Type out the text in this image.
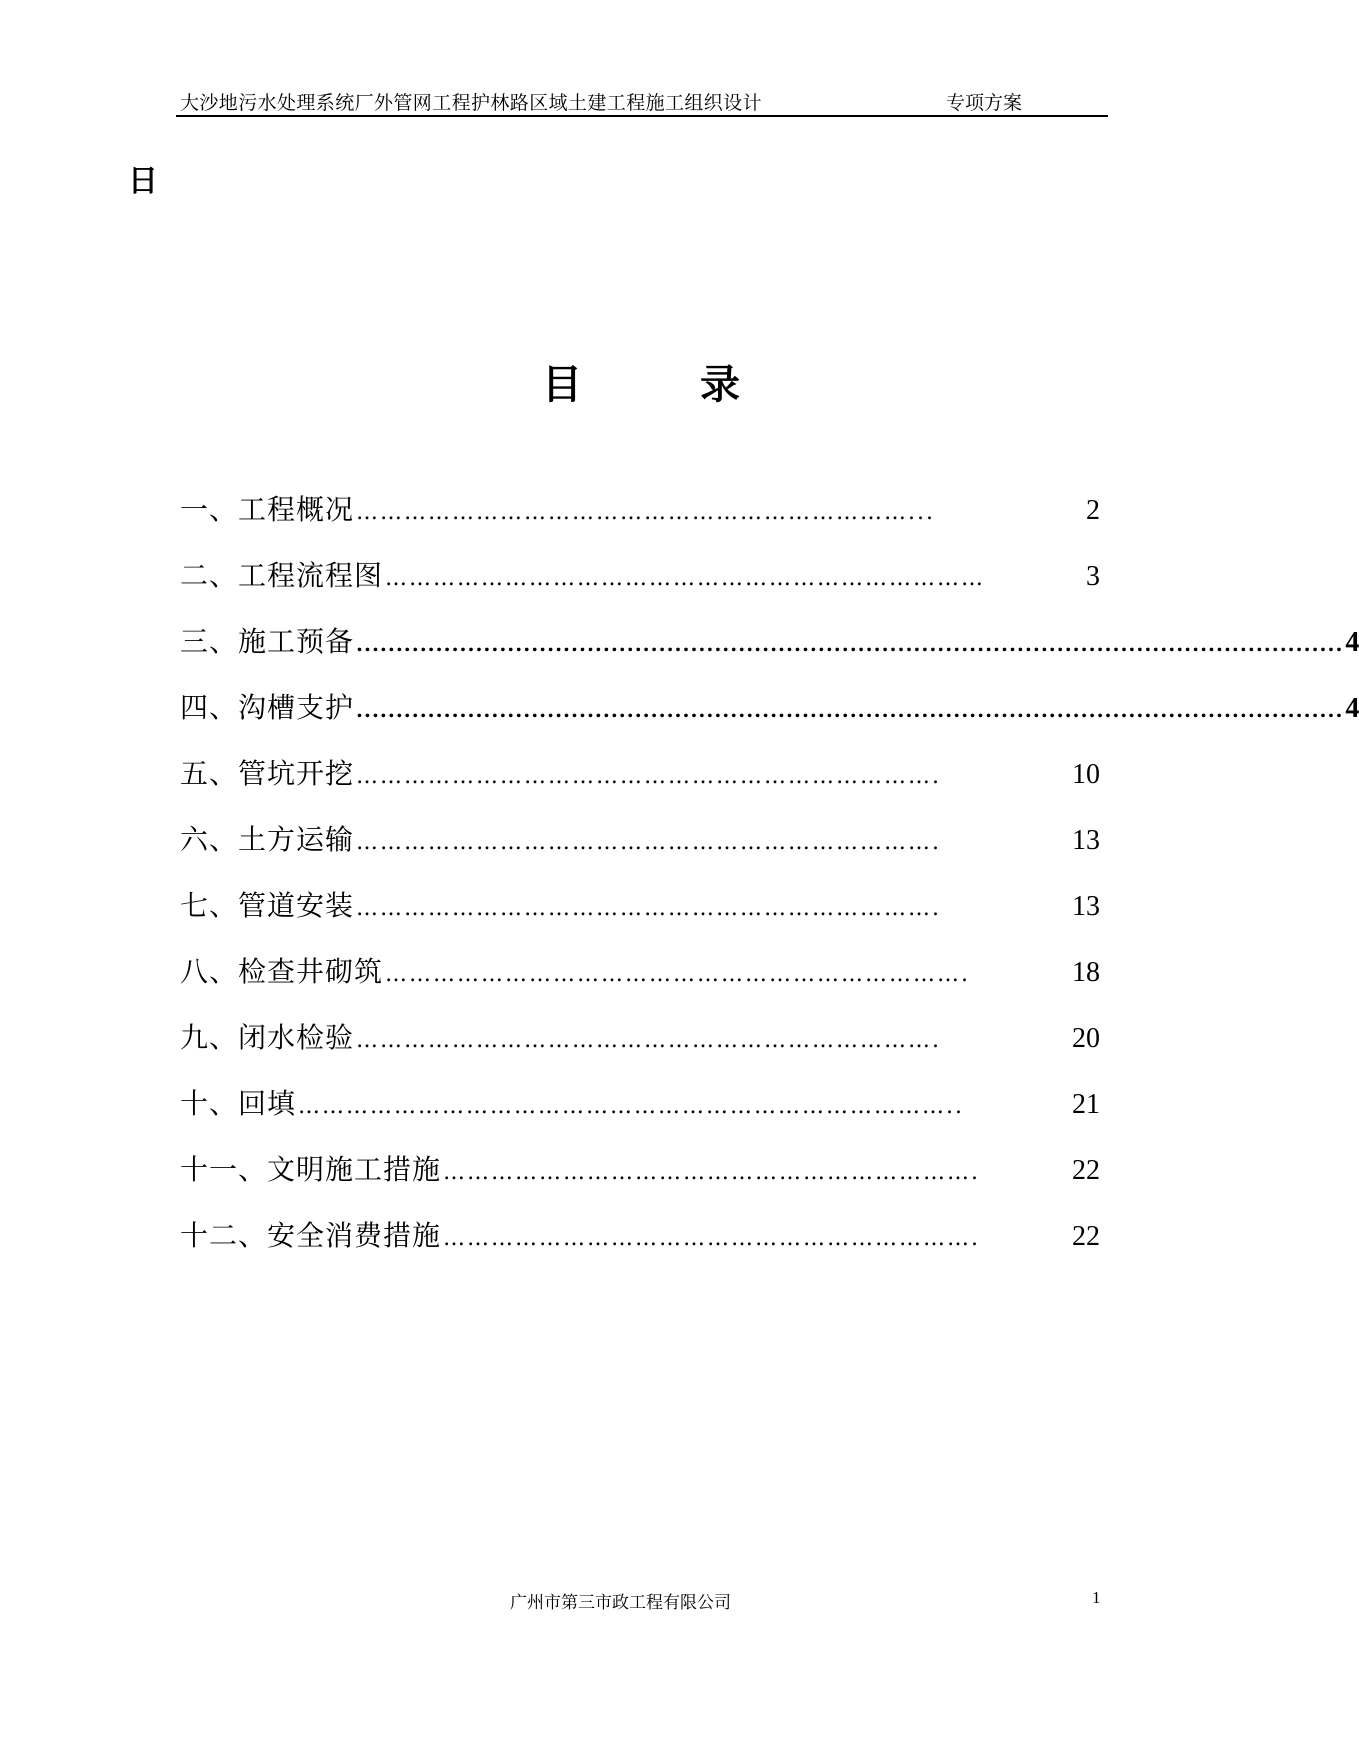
大沙地污水处理系统厂外管网工程护林路区域土建工程施工组织设计	专项方案
日
目	录
一、工程概况 ……………………………………………………………...	2
二、工程流程图 …………………………………………………………………	3
三、施工预备 ............................................................................................................................ 4
四、沟槽支护 ............................................................................................................................ 4
五、管坑开挖 ……………………………………………………………….	10
六、土方运输 ……………………………………………………………….	13
七、管道安装 ……………………………………………………………….	13
八、检查井砌筑 ……………………………………………………………….	18
九、闭水检验 ……………………………………………………………….	20
十、回填 ………………………………………………………………………..	21
十一、文明施工措施 ………………………………………………………….	22
十二、安全消费措施 ………………………………………………………….	22
广州市第三市政工程有限公司	1
